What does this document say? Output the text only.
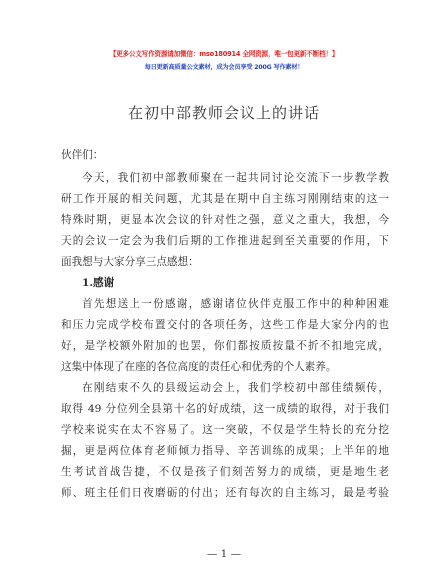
【更多公文写作资源请加微信：mso180914 全网资源，唯一包更新不断档！】
每日更新高质量公文素材，成为会员享受 200G 写作素材！
在初中部教师会议上的讲话
伙伴们：
今天，我们初中部教师聚在一起共同讨论交流下一步教学教
研工作开展的相关问题，尤其是在期中自主练习刚刚结束的这一
特殊时期，更显本次会议的针对性之强，意义之重大，我想，今
天的会议一定会为我们后期的工作推进起到至关重要的作用，下
面我想与大家分享三点感想：
1.感谢
首先想送上一份感谢，感谢诸位伙伴克服工作中的种种困难
和压力完成学校布置交付的各项任务，这些工作是大家分内的也
好，是学校额外附加的也罢，你们都按质按量不折不扣地完成，
这集中体现了在座的各位高度的责任心和优秀的个人素养。
在刚结束不久的县级运动会上，我们学校初中部佳绩频传，
取得 49 分位列全县第十名的好成绩，这一成绩的取得，对于我们
学校来说实在太不容易了。这一突破，不仅是学生特长的充分挖
掘，更是两位体育老师倾力指导、辛苦训练的成果；上半年的地
生考试首战告捷，不仅是孩子们刻苦努力的成绩，更是地生老
师、班主任们日夜磨砺的付出；还有每次的自主练习，最是考验
— 1 —
